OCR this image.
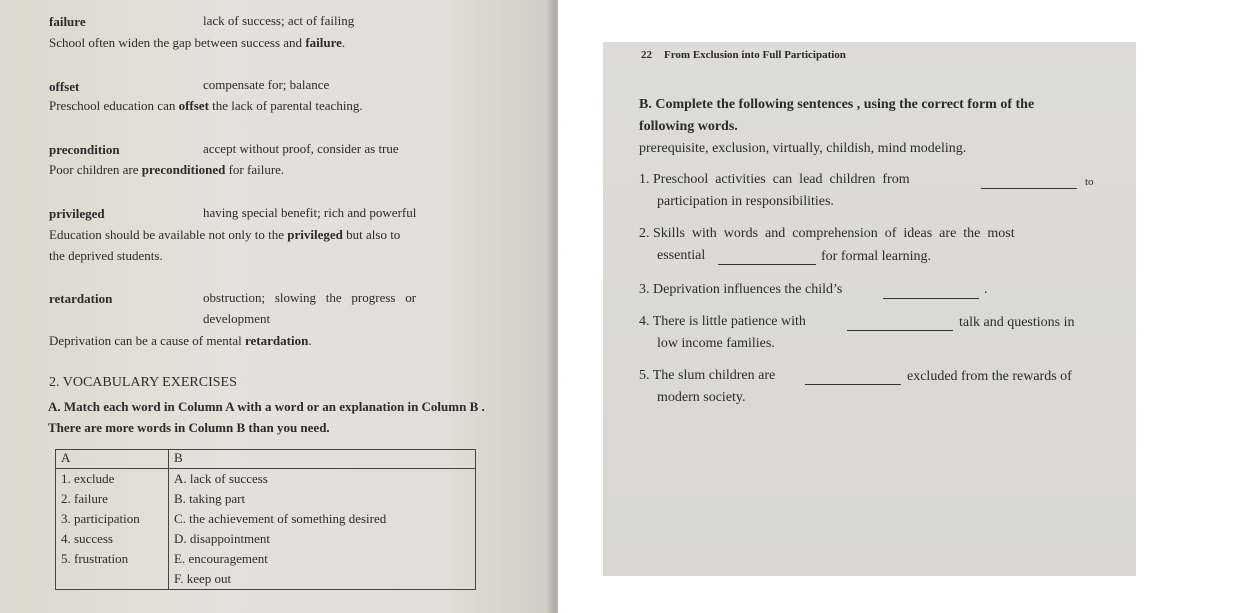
failure	lack of success; act of failing
School often widen the gap between success and failure.
offset	compensate for; balance
Preschool education can offset the lack of parental teaching.
precondition	accept without proof, consider as true
Poor children are preconditioned for failure.
privileged	having special benefit; rich and powerful
Education should be available not only to the privileged but also to
the deprived students.
retardation	obstruction;   slowing   the   progress   or
development
Deprivation can be a cause of mental retardation.
2. VOCABULARY EXERCISES
A. Match each word in Column A with a word or an explanation in Column B . There are more words in Column B than you need.
A	B
1. exclude	A. lack of success
2. failure	B. taking part
3. participation	C. the achievement of something desired
4. success	D. disappointment
5. frustration	E. encouragement
	F. keep out
22 From Exclusion into Full Participation
B. Complete the following sentences , using the correct form of the
following words.
prerequisite, exclusion, virtually, childish, mind modeling.
1. Preschool  activities  can  lead  children  from	to
participation in responsibilities.
2. Skills  with  words  and  comprehension  of  ideas  are  the  most
essential	for formal learning.
3. Deprivation influences the child’s	.
4. There is little patience with	talk and questions in
low income families.
5. The slum children are	excluded from the rewards of
modern society.
